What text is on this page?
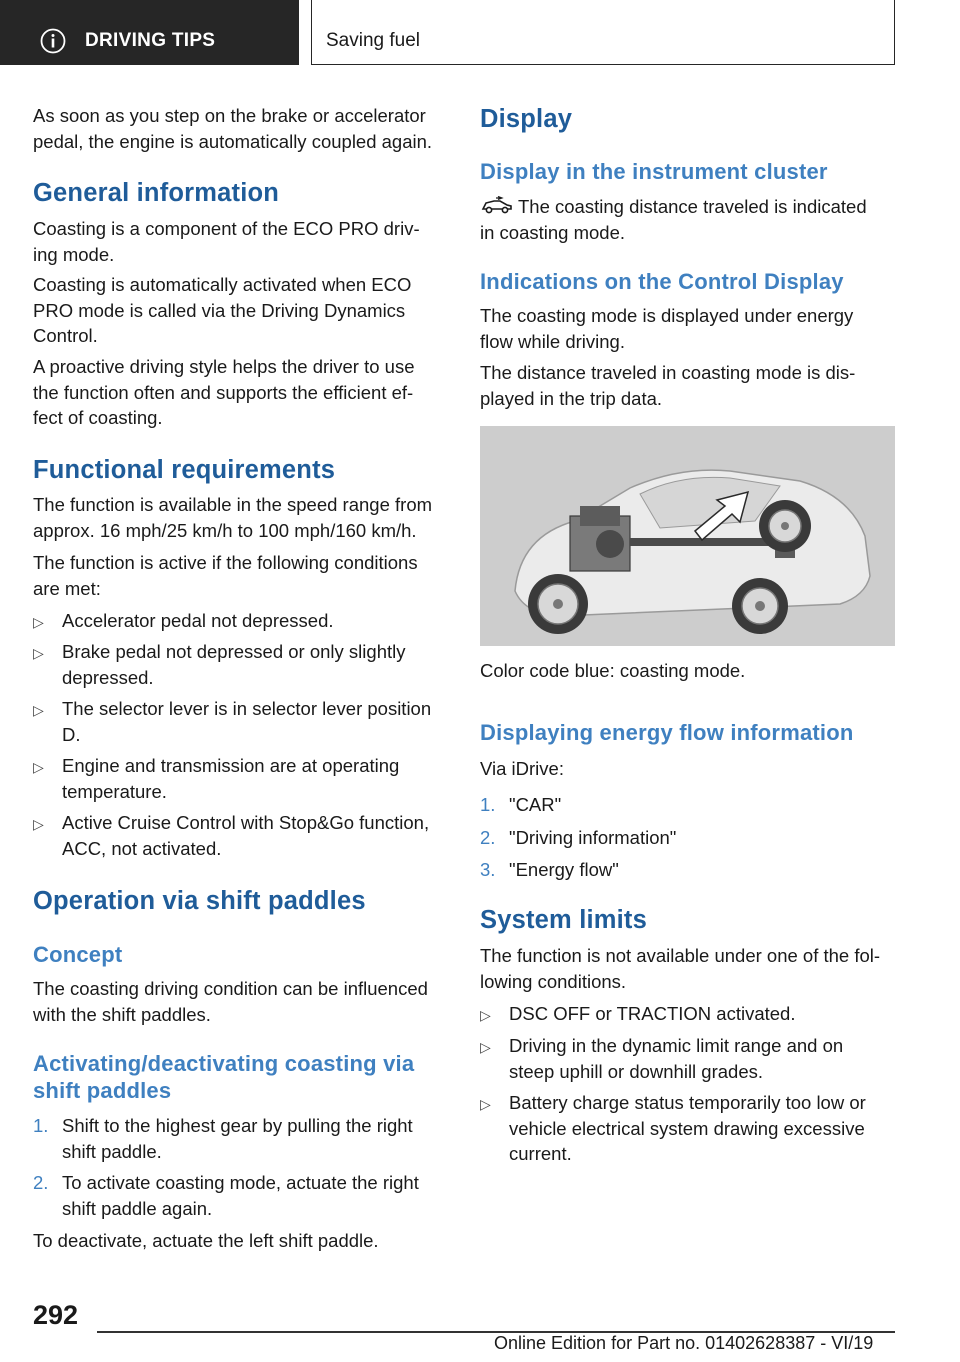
DRIVING TIPS	Saving fuel
As soon as you step on the brake or accelerator
pedal, the engine is automatically coupled again.
General information
Coasting is a component of the ECO PRO driv-
ing mode.
Coasting is automatically activated when ECO
PRO mode is called via the Driving Dynamics
Control.
A proactive driving style helps the driver to use
the function often and supports the efficient ef-
fect of coasting.
Functional requirements
The function is available in the speed range from
approx. 16 mph/25 km/h to 100 mph/160 km/h.
The function is active if the following conditions
are met:
▷ Accelerator pedal not depressed.
▷ Brake pedal not depressed or only slightly
depressed.
▷ The selector lever is in selector lever position
D.
▷ Engine and transmission are at operating
temperature.
▷ Active Cruise Control with Stop&Go function,
ACC, not activated.
Operation via shift paddles
Concept
The coasting driving condition can be influenced
with the shift paddles.
Activating/deactivating coasting via
shift paddles
1. Shift to the highest gear by pulling the right
shift paddle.
2. To activate coasting mode, actuate the right
shift paddle again.
To deactivate, actuate the left shift paddle.
Display
Display in the instrument cluster
The coasting distance traveled is indicated
in coasting mode.
Indications on the Control Display
The coasting mode is displayed under energy
flow while driving.
The distance traveled in coasting mode is dis-
played in the trip data.
Color code blue: coasting mode.
Displaying energy flow information
Via iDrive:
1. "CAR"
2. "Driving information"
3. "Energy flow"
System limits
The function is not available under one of the fol-
lowing conditions.
▷ DSC OFF or TRACTION activated.
▷ Driving in the dynamic limit range and on
steep uphill or downhill grades.
▷ Battery charge status temporarily too low or
vehicle electrical system drawing excessive
current.
292
Online Edition for Part no. 01402628387 - VI/19
